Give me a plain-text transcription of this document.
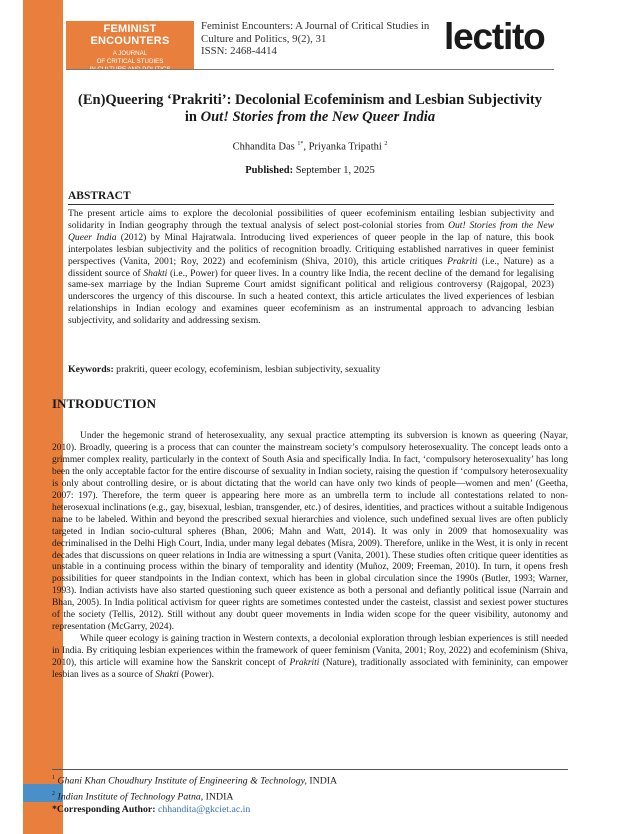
FEMINIST ENCOUNTERS
A JOURNAL
OF CRITICAL STUDIES
Feminist Encounters: A Journal of Critical Studies in
Culture and Politics, 9(2), 31
ISSN: 2468-4414	lectito
(En)Queering ‘Prakriti’: Decolonial Ecofeminism and Lesbian Subjectivity
in Out! Stories from the New Queer India
Chhandita Das $^{1*}$, Priyanka Tripathi $^2$
Published: September 1, 2025
ABSTRACT
The present article aims to explore the decolonial possibilities of queer ecofeminism entailing lesbian subjectivity and solidarity in Indian geography through the textual analysis of select post-colonial stories from Out! Stories from the New Queer India (2012) by Minal Hajratwala. Introducing lived experiences of queer people in the lap of nature, this book interpolates lesbian subjectivity and the politics of recognition broadly. Critiquing established narratives in queer feminist perspectives (Vanita, 2001; Roy, 2022) and ecofeminism (Shiva, 2010), this article critiques Prakriti (i.e., Nature) as a dissident source of Shakti (i.e., Power) for queer lives. In a country like India, the recent decline of the demand for legalising same-sex marriage by the Indian Supreme Court amidst significant political and religious controversy (Rajgopal, 2023) underscores the urgency of this discourse. In such a heated context, this article articulates the lived experiences of lesbian relationships in Indian ecology and examines queer ecofeminism as an instrumental approach to advancing lesbian subjectivity, and solidarity and addressing sexism.
Keywords: prakriti, queer ecology, ecofeminism, lesbian subjectivity, sexuality
INTRODUCTION

Under the hegemonic strand of heterosexuality, any sexual practice attempting its subversion is known as queering (Nayar, 2010). Broadly, queering is a process that can counter the mainstream society’s compulsory heterosexuality. The concept leads onto a grimmer complex reality, particularly in the context of South Asia and specifically India. In fact, ‘compulsory heterosexuality’ has long been the only acceptable factor for the entire discourse of sexuality in Indian society, raising the question if ‘compulsory heterosexuality is only about controlling desire, or is about dictating that the world can have only two kinds of people—women and men’ (Geetha, 2007: 197). Therefore, the term queer is appearing here more as an umbrella term to include all contestations related to non-heterosexual inclinations (e.g., gay, bisexual, lesbian, transgender, etc.) of desires, identities, and practices without a suitable Indigenous name to be labeled. Within and beyond the prescribed sexual hierarchies and violence, such undefined sexual lives are often publicly targeted in Indian socio-cultural spheres (Bhan, 2006; Mahn and Watt, 2014). It was only in 2009 that homosexuality was decriminalised in the Delhi High Court, India, under many legal debates (Misra, 2009). Therefore, unlike in the West, it is only in recent decades that discussions on queer relations in India are witnessing a spurt (Vanita, 2001). These studies often critique queer identities as unstable in a continuing process within the binary of temporality and identity (Muñoz, 2009; Freeman, 2010). In turn, it opens fresh possibilities for queer standpoints in the Indian context, which has been in global circulation since the 1990s (Butler, 1993; Warner, 1993). Indian activists have also started questioning such queer existence as both a personal and defiantly political issue (Narrain and Bhan, 2005). In India political activism for queer rights are sometimes contested under the casteist, classist and sexiest power stuctures of the society (Tellis, 2012). Still without any doubt queer movements in India widen scope for the queer visibility, autonomy and representation (McGarry, 2024).

While queer ecology is gaining traction in Western contexts, a decolonial exploration through lesbian experiences is still needed in India. By critiquing lesbian experiences within the framework of queer feminism (Vanita, 2001; Roy, 2022) and ecofeminism (Shiva, 2010), this article will examine how the Sanskrit concept of Prakriti (Nature), traditionally associated with femininity, can empower lesbian lives as a source of Shakti (Power).

$^1$ Ghani Khan Choudhury Institute of Engineering & Technology, INDIA
$^2$ Indian Institute of Technology Patna, INDIA
*Corresponding Author: chhandita@gkciet.ac.in
